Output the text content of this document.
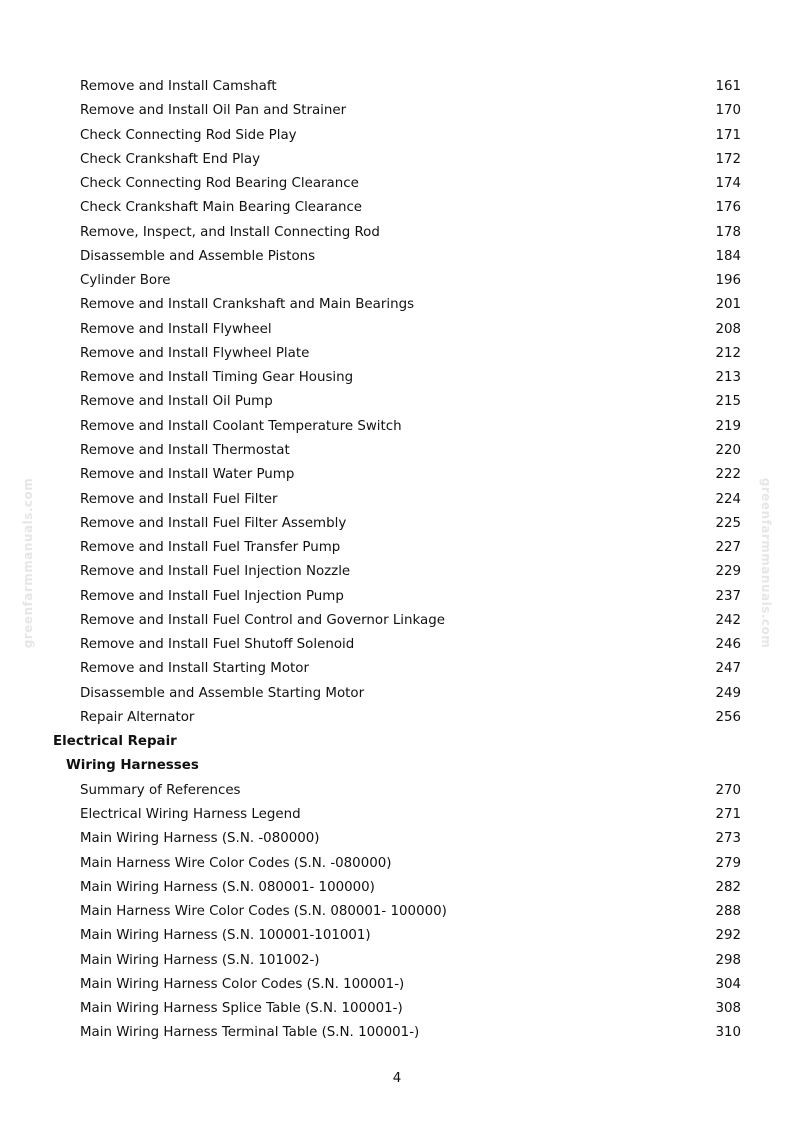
greenfarmmanuals.com	greenfarmmanuals.com
Remove and Install Camshaft	161
Remove and Install Oil Pan and Strainer	170
Check Connecting Rod Side Play	171
Check Crankshaft End Play	172
Check Connecting Rod Bearing Clearance	174
Check Crankshaft Main Bearing Clearance	176
Remove, Inspect, and Install Connecting Rod	178
Disassemble and Assemble Pistons	184
Cylinder Bore	196
Remove and Install Crankshaft and Main Bearings	201
Remove and Install Flywheel	208
Remove and Install Flywheel Plate	212
Remove and Install Timing Gear Housing	213
Remove and Install Oil Pump	215
Remove and Install Coolant Temperature Switch	219
Remove and Install Thermostat	220
Remove and Install Water Pump	222
Remove and Install Fuel Filter	224
Remove and Install Fuel Filter Assembly	225
Remove and Install Fuel Transfer Pump	227
Remove and Install Fuel Injection Nozzle	229
Remove and Install Fuel Injection Pump	237
Remove and Install Fuel Control and Governor Linkage	242
Remove and Install Fuel Shutoff Solenoid	246
Remove and Install Starting Motor	247
Disassemble and Assemble Starting Motor	249
Repair Alternator	256
Electrical Repair
Wiring Harnesses
Summary of References	270
Electrical Wiring Harness Legend	271
Main Wiring Harness (S.N. -080000)	273
Main Harness Wire Color Codes (S.N. -080000)	279
Main Wiring Harness (S.N. 080001- 100000)	282
Main Harness Wire Color Codes (S.N. 080001- 100000)	288
Main Wiring Harness (S.N. 100001-101001)	292
Main Wiring Harness (S.N. 101002-)	298
Main Wiring Harness Color Codes (S.N. 100001-)	304
Main Wiring Harness Splice Table (S.N. 100001-)	308
Main Wiring Harness Terminal Table (S.N. 100001-)	310
4
